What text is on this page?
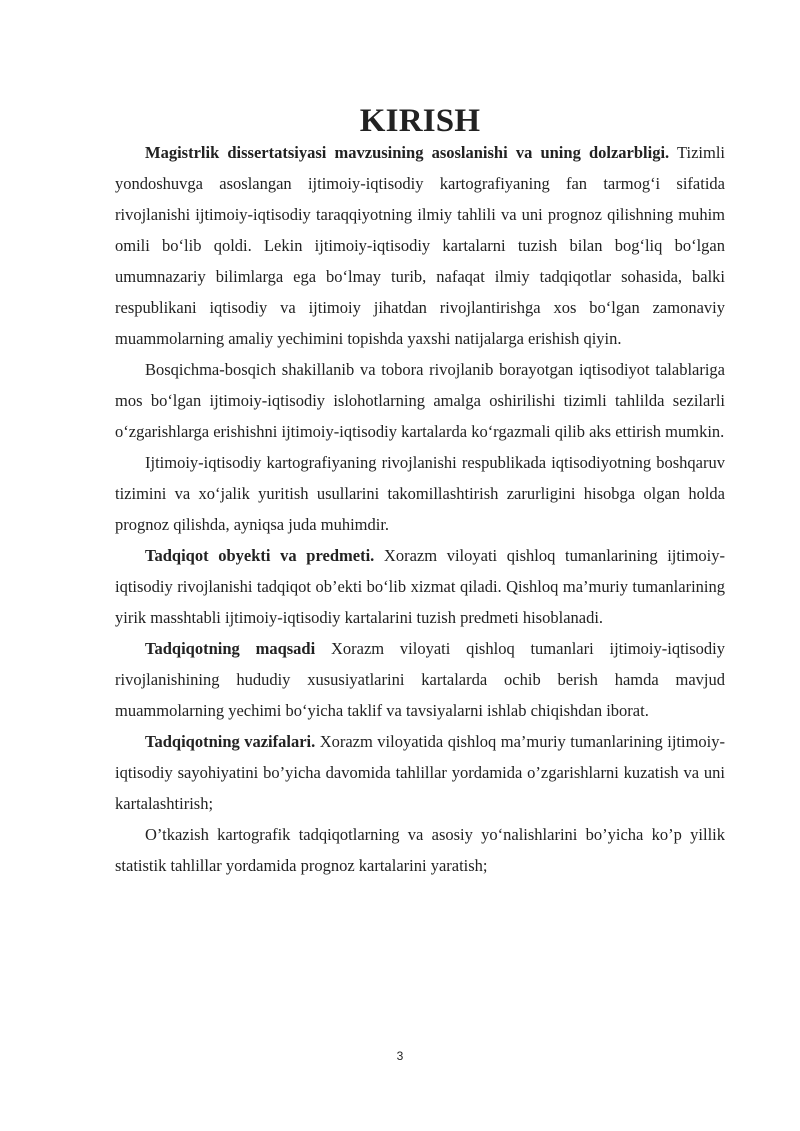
KIRISH

Magistrlik dissertatsiyasi mavzusining asoslanishi va uning dolzarbligi. Tizimli yondoshuvga asoslangan ijtimoiy-iqtisodiy kartografiyaning fan tarmog‘i sifatida rivojlanishi ijtimoiy-iqtisodiy taraqqiyotning ilmiy tahlili va uni prognoz qilishning muhim omili bo‘lib qoldi. Lekin ijtimoiy-iqtisodiy kartalarni tuzish bilan bog‘liq bo‘lgan umumnazariy bilimlarga ega bo‘lmay turib, nafaqat ilmiy tadqiqotlar sohasida, balki respublikani iqtisodiy va ijtimoiy jihatdan rivojlantirishga xos bo‘lgan zamonaviy muammolarning amaliy yechimini topishda yaxshi natijalarga erishish qiyin.

Bosqichma-bosqich shakillanib va tobora rivojlanib borayotgan iqtisodiyot talablariga mos bo‘lgan ijtimoiy-iqtisodiy islohotlarning amalga oshirilishi tizimli tahlilda sezilarli o‘zgarishlarga erishishni ijtimoiy-iqtisodiy kartalarda ko‘rgazmali qilib aks ettirish mumkin.

Ijtimoiy-iqtisodiy kartografiyaning rivojlanishi respublikada iqtisodiyotning boshqaruv tizimini va xo‘jalik yuritish usullarini takomillashtirish zarurligini hisobga olgan holda prognoz qilishda, ayniqsa juda muhimdir.

Tadqiqot obyekti va predmeti. Xorazm viloyati qishloq tumanlarining ijtimoiy-iqtisodiy rivojlanishi tadqiqot ob’ekti bo‘lib xizmat qiladi. Qishloq ma’muriy tumanlarining yirik masshtabli ijtimoiy-iqtisodiy kartalarini tuzish predmeti hisoblanadi.

Tadqiqotning maqsadi Xorazm viloyati qishloq tumanlari ijtimoiy-iqtisodiy rivojlanishining hududiy xususiyatlarini kartalarda ochib berish hamda mavjud muammolarning yechimi bo‘yicha taklif va tavsiyalarni ishlab chiqishdan iborat.

Tadqiqotning vazifalari. Xorazm viloyatida qishloq ma’muriy tumanlarining ijtimoiy-iqtisodiy sayohiyatini bo’yicha davomida tahlillar yordamida o’zgarishlarni kuzatish va uni kartalashtirish;

O’tkazish kartografik tadqiqotlarning va asosiy yo‘nalishlarini bo’yicha ko’p yillik statistik tahlillar yordamida prognoz kartalarini yaratish;

3
